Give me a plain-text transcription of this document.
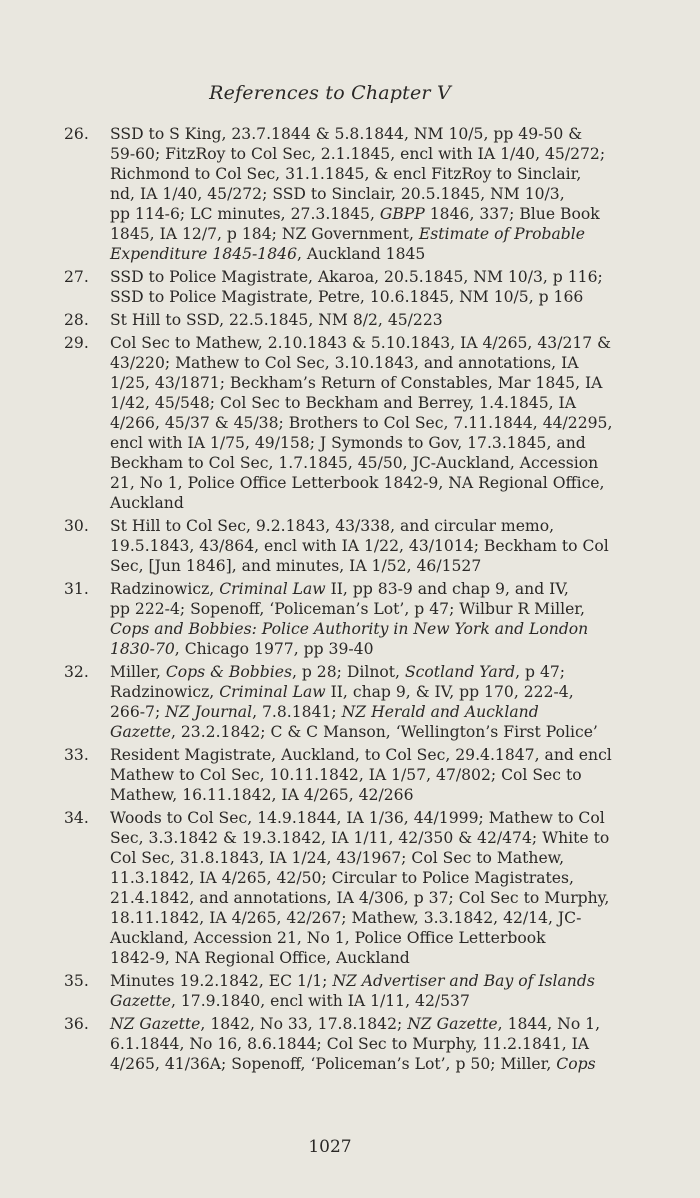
References to Chapter V
26.	SSD to S King, 23.7.1844 & 5.8.1844, NM 10/5, pp 49-50 &
59-60; FitzRoy to Col Sec, 2.1.1845, encl with IA 1/40, 45/272;
Richmond to Col Sec, 31.1.1845, & encl FitzRoy to Sinclair,
nd, IA 1/40, 45/272; SSD to Sinclair, 20.5.1845, NM 10/3,
pp 114-6; LC minutes, 27.3.1845, GBPP 1846, 337; Blue Book
1845, IA 12/7, p 184; NZ Government, Estimate of Probable
Expenditure 1845-1846, Auckland 1845
27.	SSD to Police Magistrate, Akaroa, 20.5.1845, NM 10/3, p 116;
SSD to Police Magistrate, Petre, 10.6.1845, NM 10/5, p 166
28.	St Hill to SSD, 22.5.1845, NM 8/2, 45/223
29.	Col Sec to Mathew, 2.10.1843 & 5.10.1843, IA 4/265, 43/217 &
43/220; Mathew to Col Sec, 3.10.1843, and annotations, IA
1/25, 43/1871; Beckham’s Return of Constables, Mar 1845, IA
1/42, 45/548; Col Sec to Beckham and Berrey, 1.4.1845, IA
4/266, 45/37 & 45/38; Brothers to Col Sec, 7.11.1844, 44/2295,
encl with IA 1/75, 49/158; J Symonds to Gov, 17.3.1845, and
Beckham to Col Sec, 1.7.1845, 45/50, JC-Auckland, Accession
21, No 1, Police Office Letterbook 1842-9, NA Regional Office,
Auckland
30.	St Hill to Col Sec, 9.2.1843, 43/338, and circular memo,
19.5.1843, 43/864, encl with IA 1/22, 43/1014; Beckham to Col
Sec, [Jun 1846], and minutes, IA 1/52, 46/1527
31.	Radzinowicz, Criminal Law II, pp 83-9 and chap 9, and IV,
pp 222-4; Sopenoff, ‘Policeman’s Lot’, p 47; Wilbur R Miller,
Cops and Bobbies: Police Authority in New York and London
1830-70, Chicago 1977, pp 39-40
32.	Miller, Cops & Bobbies, p 28; Dilnot, Scotland Yard, p 47;
Radzinowicz, Criminal Law II, chap 9, & IV, pp 170, 222-4,
266-7; NZ Journal, 7.8.1841; NZ Herald and Auckland
Gazette, 23.2.1842; C & C Manson, ‘Wellington’s First Police’
33.	Resident Magistrate, Auckland, to Col Sec, 29.4.1847, and encl
Mathew to Col Sec, 10.11.1842, IA 1/57, 47/802; Col Sec to
Mathew, 16.11.1842, IA 4/265, 42/266
34.	Woods to Col Sec, 14.9.1844, IA 1/36, 44/1999; Mathew to Col
Sec, 3.3.1842 & 19.3.1842, IA 1/11, 42/350 & 42/474; White to
Col Sec, 31.8.1843, IA 1/24, 43/1967; Col Sec to Mathew,
11.3.1842, IA 4/265, 42/50; Circular to Police Magistrates,
21.4.1842, and annotations, IA 4/306, p 37; Col Sec to Murphy,
18.11.1842, IA 4/265, 42/267; Mathew, 3.3.1842, 42/14, JC-
Auckland, Accession 21, No 1, Police Office Letterbook
1842-9, NA Regional Office, Auckland
35.	Minutes 19.2.1842, EC 1/1; NZ Advertiser and Bay of Islands
Gazette, 17.9.1840, encl with IA 1/11, 42/537
36.	NZ Gazette, 1842, No 33, 17.8.1842; NZ Gazette, 1844, No 1,
6.1.1844, No 16, 8.6.1844; Col Sec to Murphy, 11.2.1841, IA
4/265, 41/36A; Sopenoff, ‘Policeman’s Lot’, p 50; Miller, Cops
1027
